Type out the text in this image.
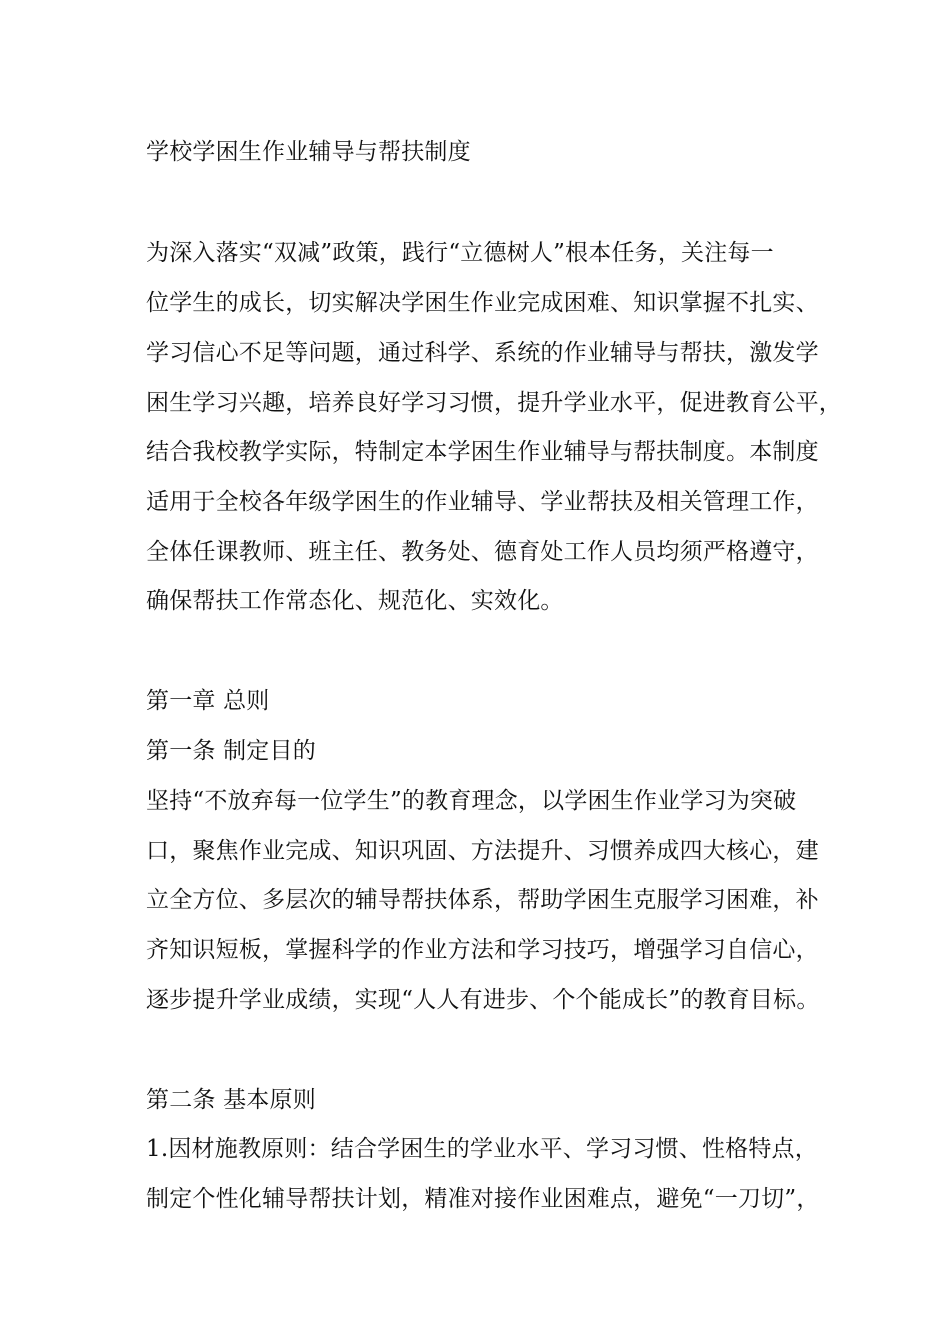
学校学困生作业辅导与帮扶制度
为深入落实“双减”政策，践行“立德树人”根本任务，关注每一
位学生的成长，切实解决学困生作业完成困难、知识掌握不扎实、
学习信心不足等问题，通过科学、系统的作业辅导与帮扶，激发学
困生学习兴趣，培养良好学习习惯，提升学业水平，促进教育公平，
结合我校教学实际，特制定本学困生作业辅导与帮扶制度。本制度
适用于全校各年级学困生的作业辅导、学业帮扶及相关管理工作，
全体任课教师、班主任、教务处、德育处工作人员均须严格遵守，
确保帮扶工作常态化、规范化、实效化。
第一章 总则
第一条 制定目的
坚持“不放弃每一位学生”的教育理念，以学困生作业学习为突破
口，聚焦作业完成、知识巩固、方法提升、习惯养成四大核心，建
立全方位、多层次的辅导帮扶体系，帮助学困生克服学习困难，补
齐知识短板，掌握科学的作业方法和学习技巧，增强学习自信心，
逐步提升学业成绩，实现“人人有进步、个个能成长”的教育目标。
第二条 基本原则
1.因材施教原则：结合学困生的学业水平、学习习惯、性格特点，
制定个性化辅导帮扶计划，精准对接作业困难点，避免“一刀切”，
